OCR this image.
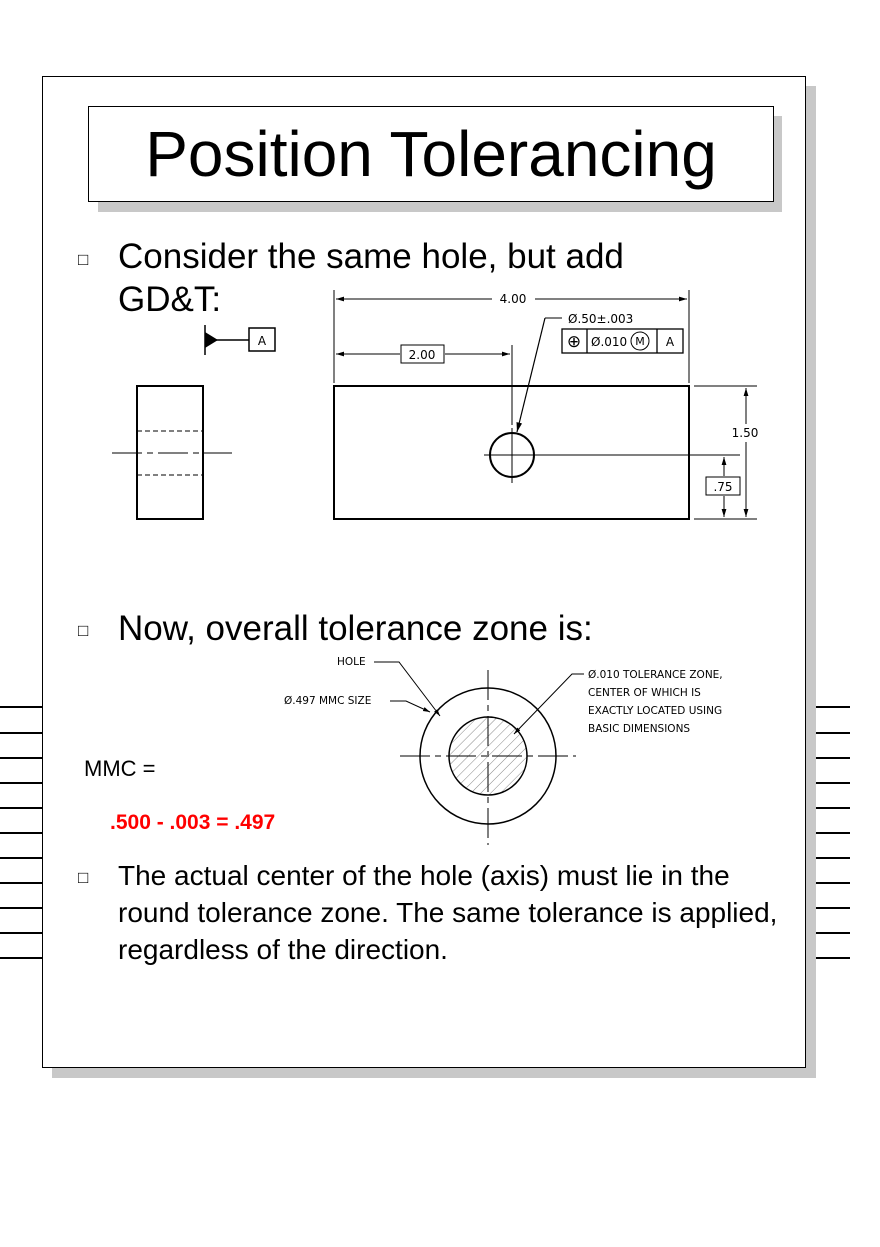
Position Tolerancing
□ Consider the same hole, but add
GD&T:
A
4.00
2.00
Ø.50±.003
⊕ Ø.010 M A
1.50
.75
□ Now, overall tolerance zone is:
HOLE
Ø.497 MMC SIZE
Ø.010 TOLERANCE ZONE,
CENTER OF WHICH IS
EXACTLY LOCATED USING
BASIC DIMENSIONS
MMC =
.500 - .003 = .497
□ The actual center of the hole (axis) must lie in the round tolerance zone. The same tolerance is applied, regardless of the direction.
